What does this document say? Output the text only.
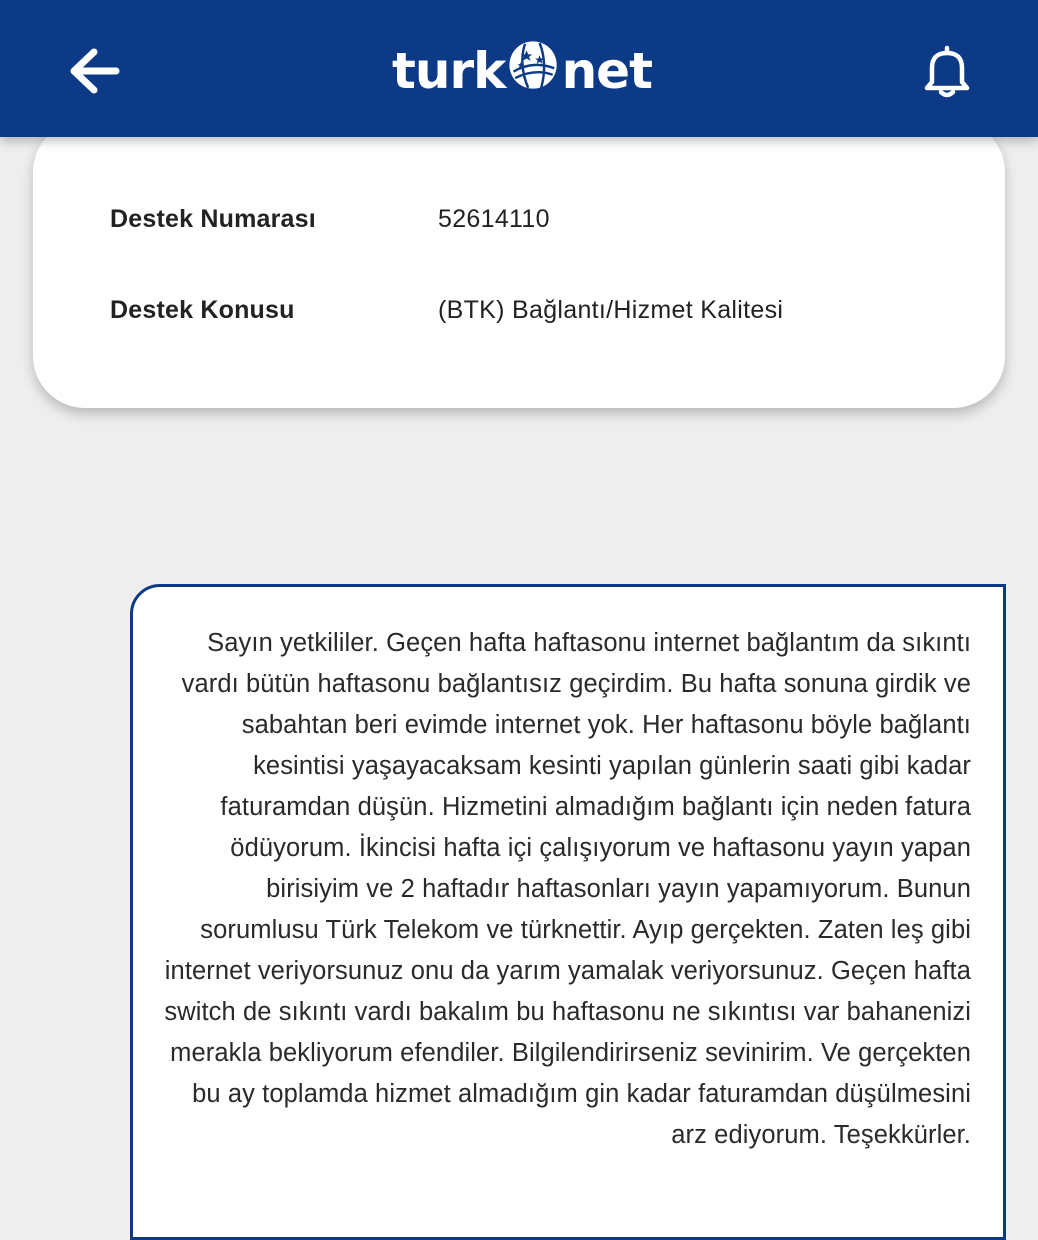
turk net
Destek Numarası	52614110
Destek Konusu	(BTK) Bağlantı/Hizmet Kalitesi
Sayın yetkililer. Geçen hafta haftasonu internet bağlantım da sıkıntı vardı bütün haftasonu bağlantısız geçirdim. Bu hafta sonuna girdik ve sabahtan beri evimde internet yok. Her haftasonu böyle bağlantı kesintisi yaşayacaksam kesinti yapılan günlerin saati gibi kadar faturamdan düşün. Hizmetini almadığım bağlantı için neden fatura ödüyorum. İkincisi hafta içi çalışıyorum ve haftasonu yayın yapan birisiyim ve 2 haftadır haftasonları yayın yapamıyorum. Bunun sorumlusu Türk Telekom ve türknettir. Ayıp gerçekten. Zaten leş gibi internet veriyorsunuz onu da yarım yamalak veriyorsunuz. Geçen hafta switch de sıkıntı vardı bakalım bu haftasonu ne sıkıntısı var bahanenizi merakla bekliyorum efendiler. Bilgilendirirseniz sevinirim. Ve gerçekten bu ay toplamda hizmet almadığım gin kadar faturamdan düşülmesini arz ediyorum. Teşekkürler.
